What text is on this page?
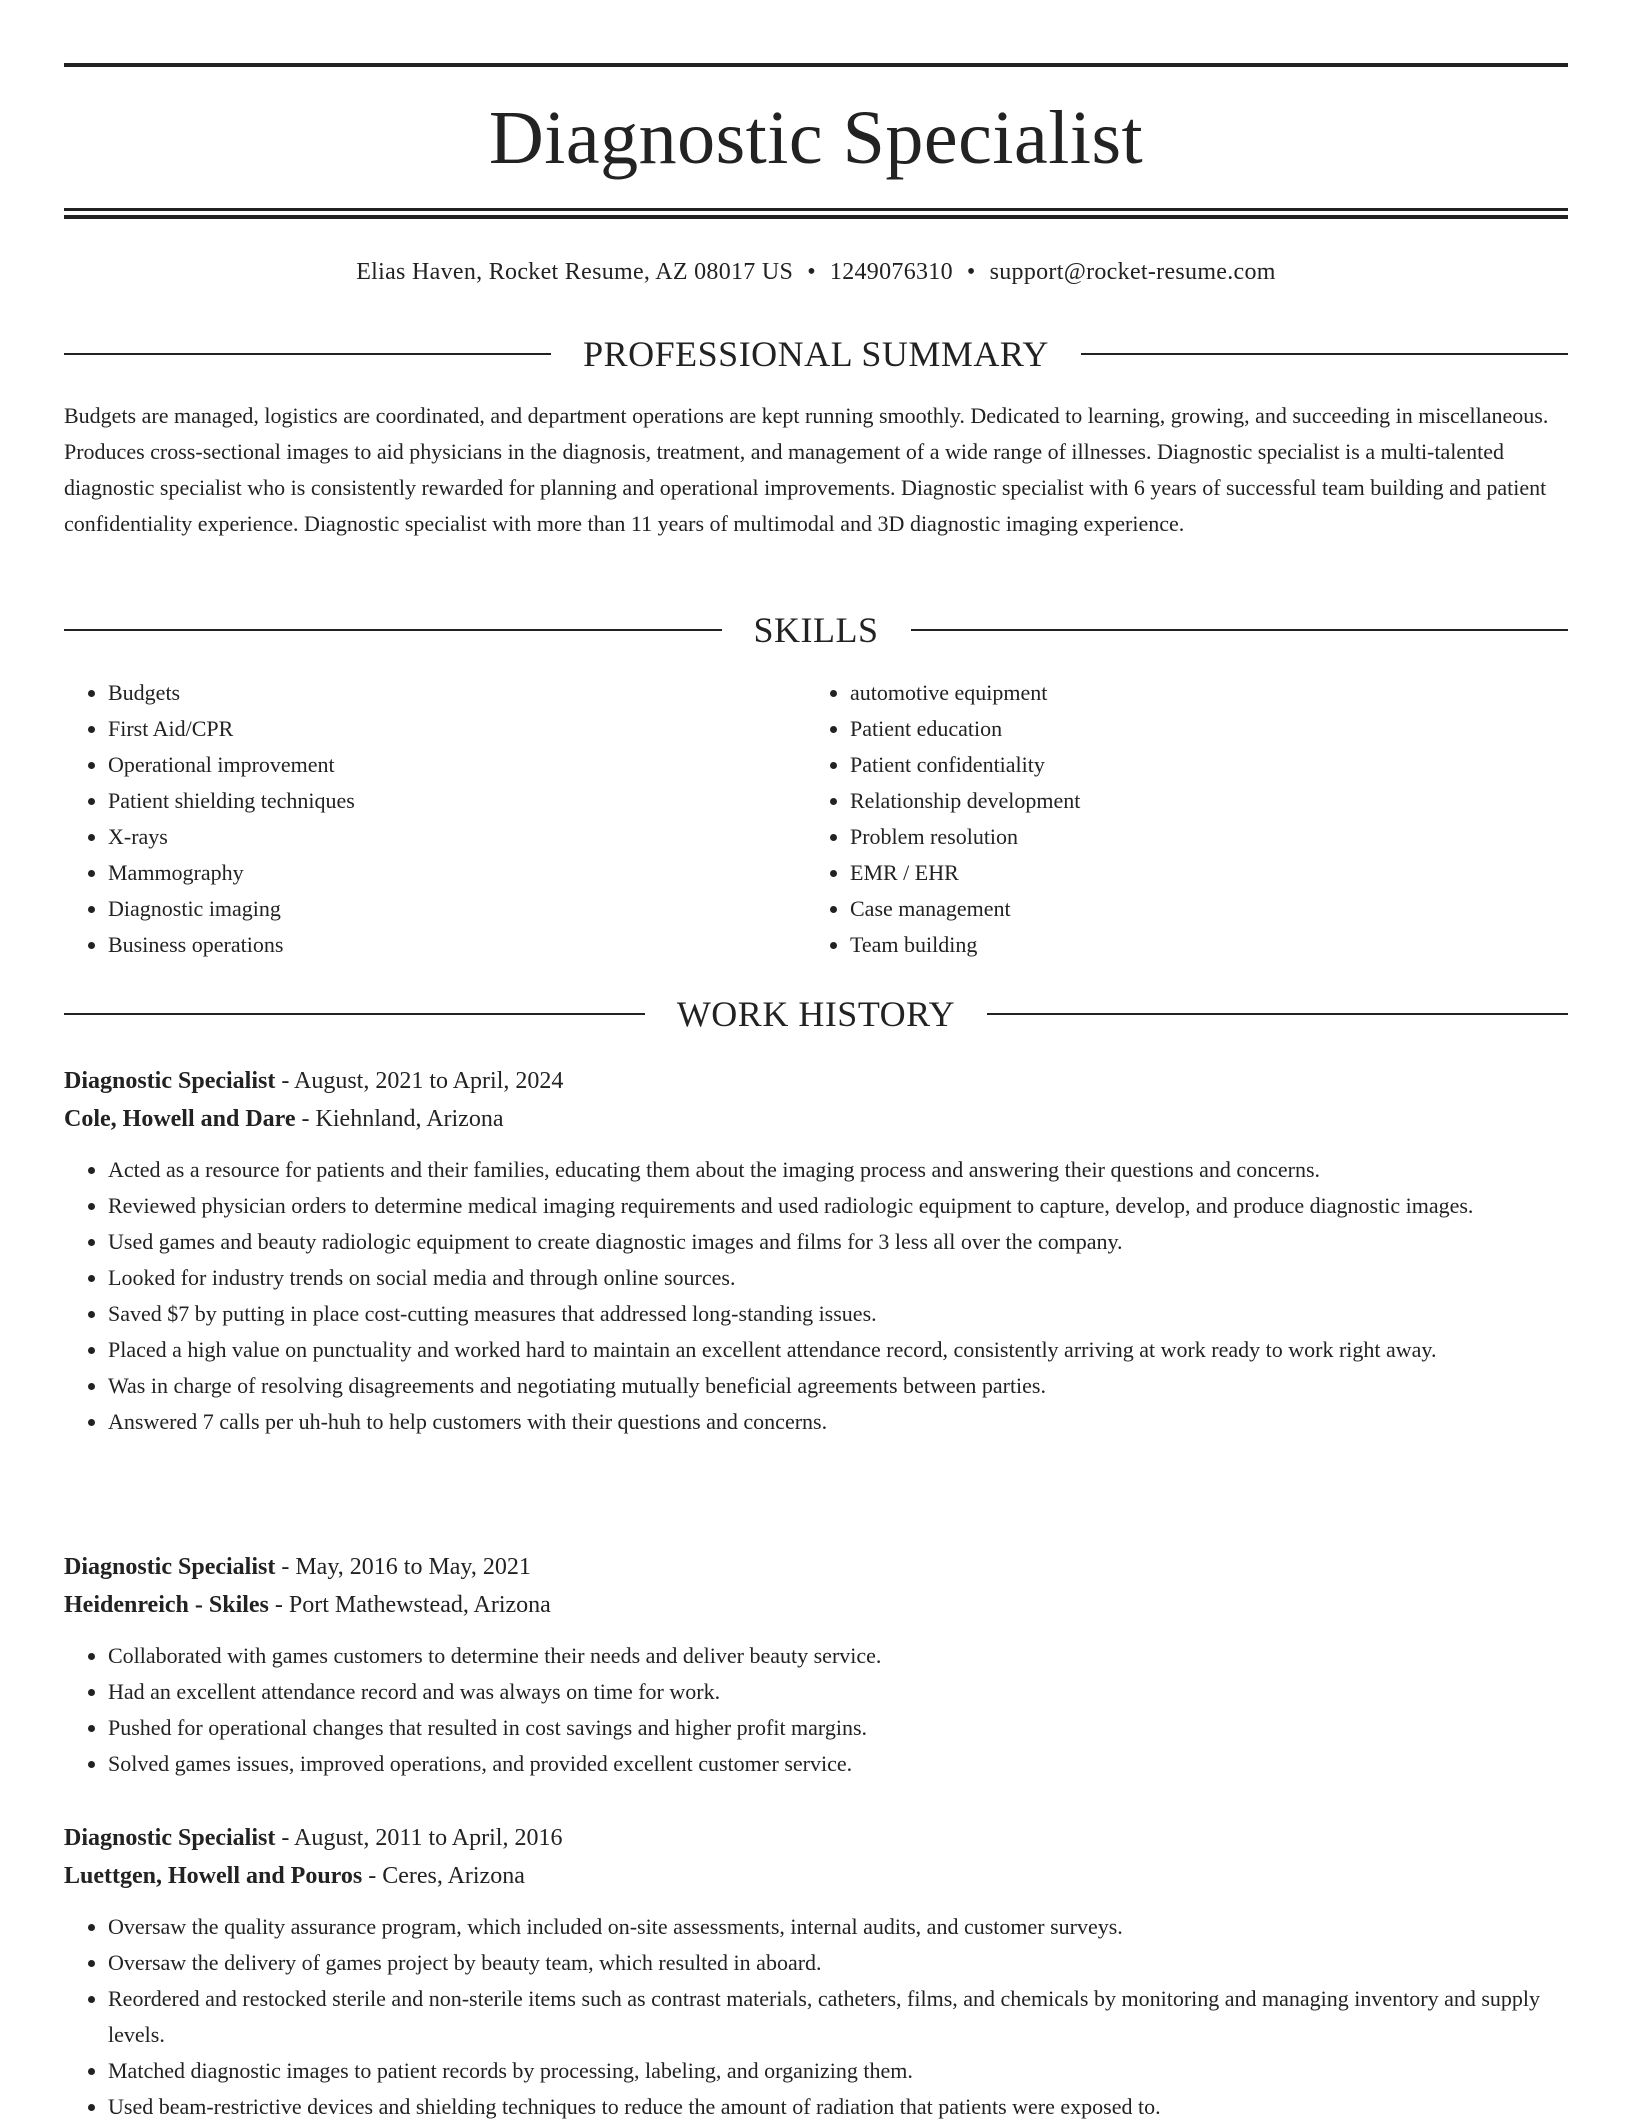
Diagnostic Specialist
Elias Haven, Rocket Resume, AZ 08017 US • 1249076310 • support@rocket-resume.com
PROFESSIONAL SUMMARY

Budgets are managed, logistics are coordinated, and department operations are kept running smoothly. Dedicated to learning, growing, and succeeding in miscellaneous. Produces cross-sectional images to aid physicians in the diagnosis, treatment, and management of a wide range of illnesses. Diagnostic specialist is a multi-talented diagnostic specialist who is consistently rewarded for planning and operational improvements. Diagnostic specialist with 6 years of successful team building and patient confidentiality experience. Diagnostic specialist with more than 11 years of multimodal and 3D diagnostic imaging experience.

SKILLS
• Budgets
• First Aid/CPR
• Operational improvement
• Patient shielding techniques
• X-rays
• Mammography
• Diagnostic imaging
• Business operations
• automotive equipment
• Patient education
• Patient confidentiality
• Relationship development
• Problem resolution
• EMR / EHR
• Case management
• Team building
WORK HISTORY
Diagnostic Specialist - August, 2021 to April, 2024
Cole, Howell and Dare - Kiehnland, Arizona
• Acted as a resource for patients and their families, educating them about the imaging process and answering their questions and concerns.
• Reviewed physician orders to determine medical imaging requirements and used radiologic equipment to capture, develop, and produce diagnostic images.
• Used games and beauty radiologic equipment to create diagnostic images and films for 3 less all over the company.
• Looked for industry trends on social media and through online sources.
• Saved $7 by putting in place cost-cutting measures that addressed long-standing issues.
• Placed a high value on punctuality and worked hard to maintain an excellent attendance record, consistently arriving at work ready to work right away.
• Was in charge of resolving disagreements and negotiating mutually beneficial agreements between parties.
• Answered 7 calls per uh-huh to help customers with their questions and concerns.
Diagnostic Specialist - May, 2016 to May, 2021
Heidenreich - Skiles - Port Mathewstead, Arizona
• Collaborated with games customers to determine their needs and deliver beauty service.
• Had an excellent attendance record and was always on time for work.
• Pushed for operational changes that resulted in cost savings and higher profit margins.
• Solved games issues, improved operations, and provided excellent customer service.
Diagnostic Specialist - August, 2011 to April, 2016
Luettgen, Howell and Pouros - Ceres, Arizona
• Oversaw the quality assurance program, which included on-site assessments, internal audits, and customer surveys.
• Oversaw the delivery of games project by beauty team, which resulted in aboard.
• Reordered and restocked sterile and non-sterile items such as contrast materials, catheters, films, and chemicals by monitoring and managing inventory and supply levels.
• Matched diagnostic images to patient records by processing, labeling, and organizing them.
• Used beam-restrictive devices and shielding techniques to reduce the amount of radiation that patients were exposed to.
